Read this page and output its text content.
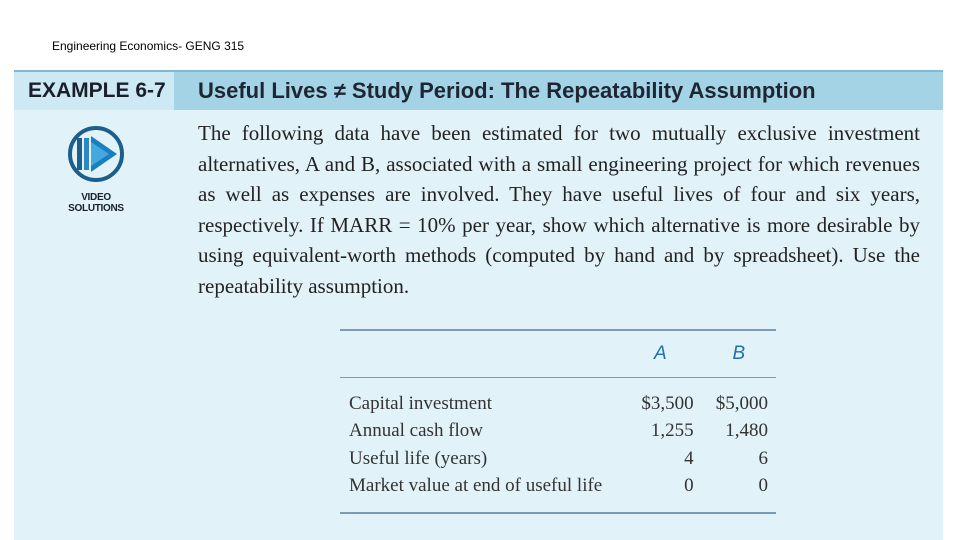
Engineering Economics- GENG 315
EXAMPLE 6-7	Useful Lives ≠ Study Period: The Repeatability Assumption
VIDEO
SOLUTIONS

The following data have been estimated for two mutually exclusive investment alternatives, A and B, associated with a small engineering project for which revenues as well as expenses are involved. They have useful lives of four and six years, respectively. If MARR = 10% per year, show which alternative is more desirable by using equivalent-worth methods (computed by hand and by spreadsheet). Use the repeatability assumption.

	A	B
Capital investment	$3,500	$5,000
Annual cash flow	1,255	1,480
Useful life (years)	4	6
Market value at end of useful life	0	0
